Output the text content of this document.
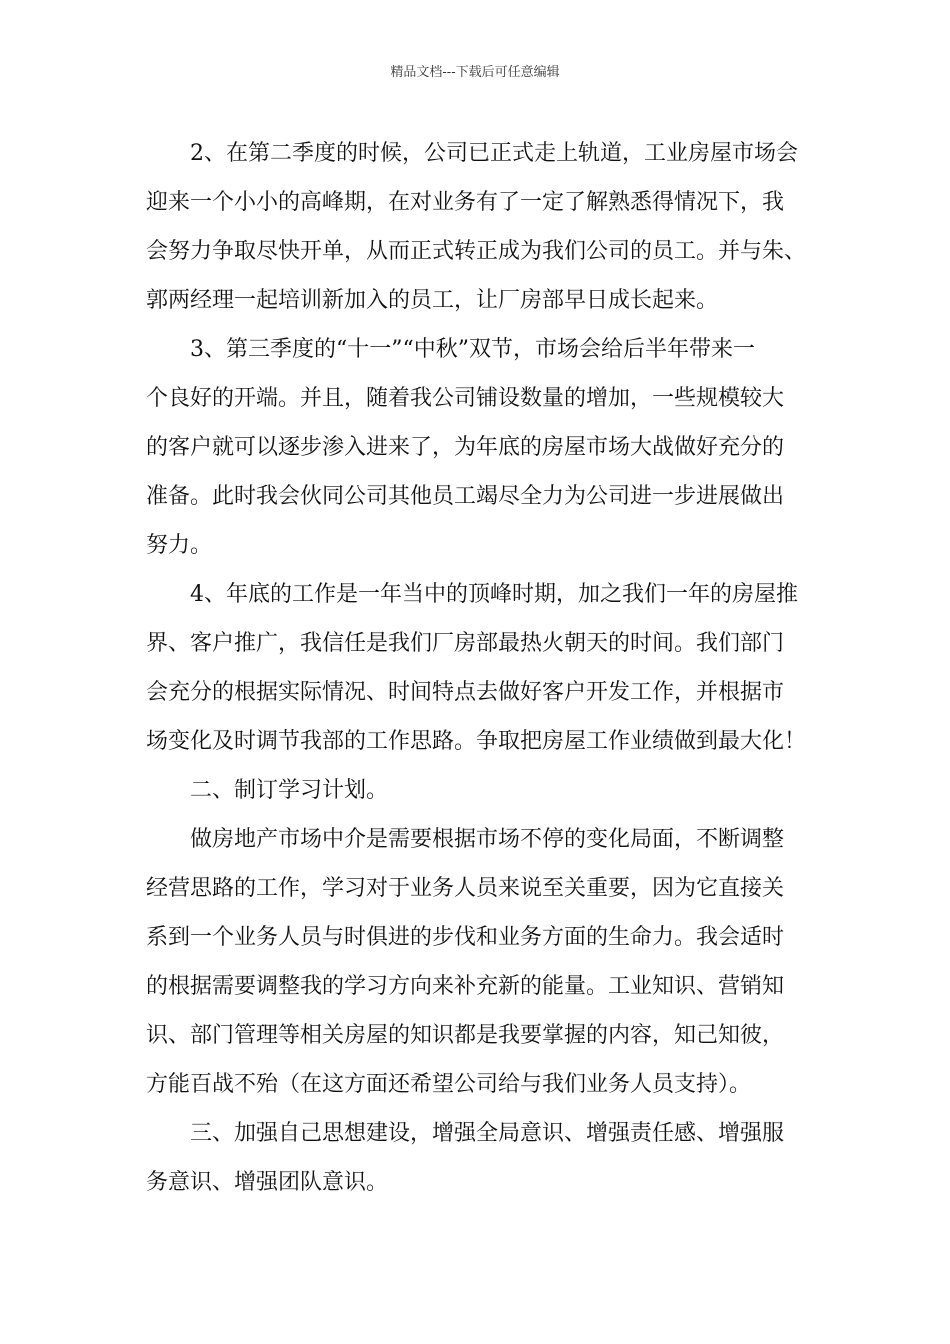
精品文档---下载后可任意编辑

2、在第二季度的时候，公司已正式走上轨道，工业房屋市场会
迎来一个小小的高峰期，在对业务有了一定了解熟悉得情况下，我
会努力争取尽快开单，从而正式转正成为我们公司的员工。并与朱、
郭两经理一起培训新加入的员工，让厂房部早日成长起来。

3、第三季度的“十一”“中秋”双节，市场会给后半年带来一
个良好的开端。并且，随着我公司铺设数量的增加，一些规模较大
的客户就可以逐步渗入进来了，为年底的房屋市场大战做好充分的
准备。此时我会伙同公司其他员工竭尽全力为公司进一步进展做出
努力。

4、年底的工作是一年当中的顶峰时期，加之我们一年的房屋推
界、客户推广，我信任是我们厂房部最热火朝天的时间。我们部门
会充分的根据实际情况、时间特点去做好客户开发工作，并根据市
场变化及时调节我部的工作思路。争取把房屋工作业绩做到最大化！

二、制订学习计划。

做房地产市场中介是需要根据市场不停的变化局面，不断调整
经营思路的工作，学习对于业务人员来说至关重要，因为它直接关
系到一个业务人员与时俱进的步伐和业务方面的生命力。我会适时
的根据需要调整我的学习方向来补充新的能量。工业知识、营销知
识、部门管理等相关房屋的知识都是我要掌握的内容，知己知彼，
方能百战不殆（在这方面还希望公司给与我们业务人员支持）。

三、加强自己思想建设，增强全局意识、增强责任感、增强服
务意识、增强团队意识。
